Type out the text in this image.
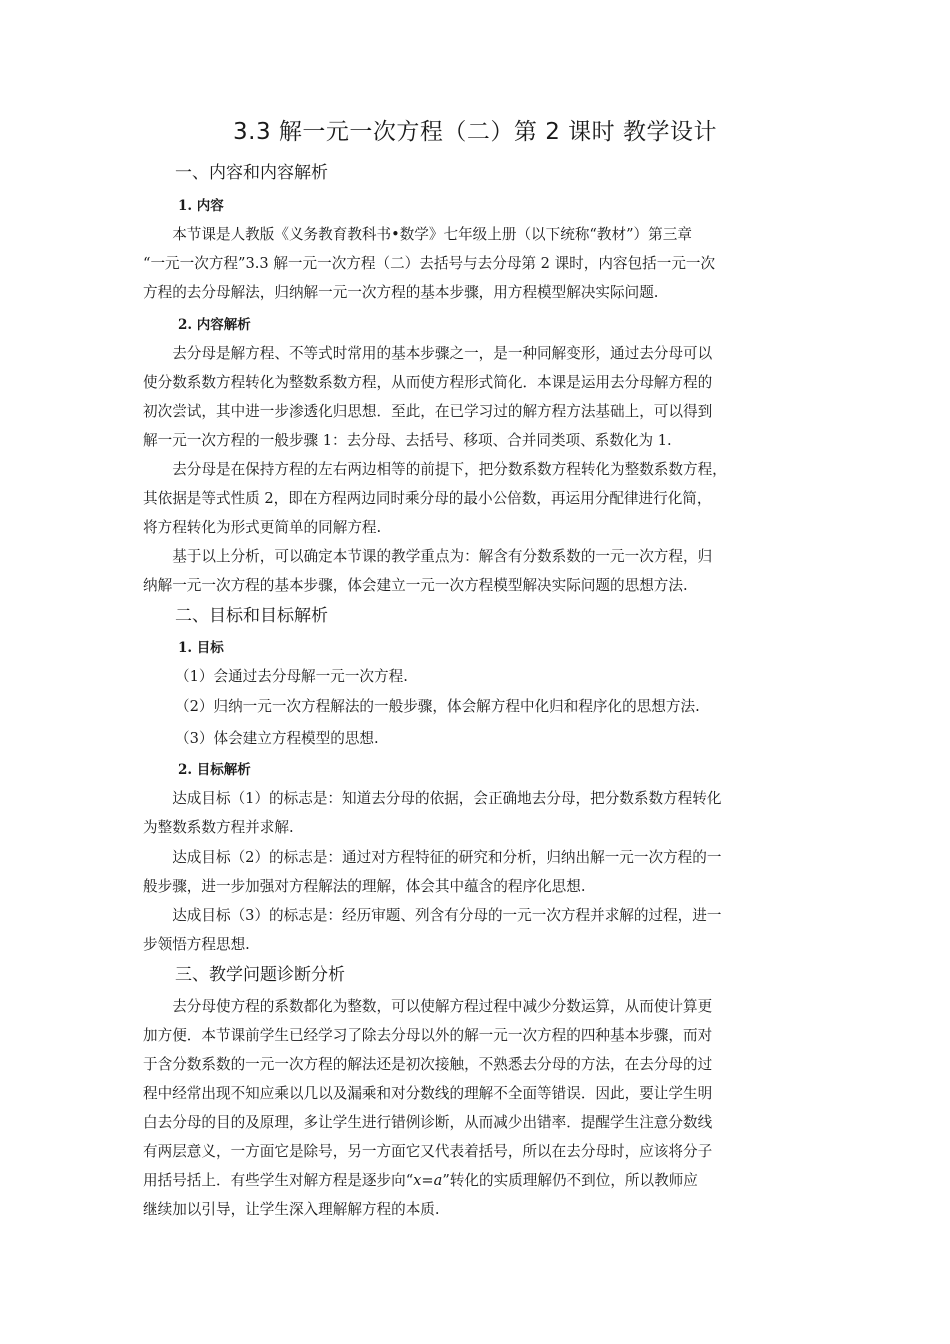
3.3 解一元一次方程（二）第 2 课时 教学设计
一、内容和内容解析
1. 内容
本节课是人教版《义务教育教科书•数学》七年级上册（以下统称“教材”）第三章
“一元一次方程”3.3 解一元一次方程（二）去括号与去分母第 2 课时，内容包括一元一次
方程的去分母解法，归纳解一元一次方程的基本步骤，用方程模型解决实际问题.
2. 内容解析
去分母是解方程、不等式时常用的基本步骤之一，是一种同解变形，通过去分母可以
使分数系数方程转化为整数系数方程，从而使方程形式简化．本课是运用去分母解方程的
初次尝试，其中进一步渗透化归思想．至此，在已学习过的解方程方法基础上，可以得到
解一元一次方程的一般步骤 1：去分母、去括号、移项、合并同类项、系数化为 1.
去分母是在保持方程的左右两边相等的前提下，把分数系数方程转化为整数系数方程，
其依据是等式性质 2，即在方程两边同时乘分母的最小公倍数，再运用分配律进行化简，
将方程转化为形式更简单的同解方程.
基于以上分析，可以确定本节课的教学重点为：解含有分数系数的一元一次方程，归
纳解一元一次方程的基本步骤，体会建立一元一次方程模型解决实际问题的思想方法.
二、目标和目标解析
1. 目标
（1）会通过去分母解一元一次方程.
（2）归纳一元一次方程解法的一般步骤，体会解方程中化归和程序化的思想方法.
（3）体会建立方程模型的思想.
2. 目标解析
达成目标（1）的标志是：知道去分母的依据，会正确地去分母，把分数系数方程转化
为整数系数方程并求解.
达成目标（2）的标志是：通过对方程特征的研究和分析，归纳出解一元一次方程的一
般步骤，进一步加强对方程解法的理解，体会其中蕴含的程序化思想.
达成目标（3）的标志是：经历审题、列含有分母的一元一次方程并求解的过程，进一
步领悟方程思想.
三、教学问题诊断分析
去分母使方程的系数都化为整数，可以使解方程过程中减少分数运算，从而使计算更
加方便．本节课前学生已经学习了除去分母以外的解一元一次方程的四种基本步骤，而对
于含分数系数的一元一次方程的解法还是初次接触，不熟悉去分母的方法，在去分母的过
程中经常出现不知应乘以几以及漏乘和对分数线的理解不全面等错误．因此，要让学生明
白去分母的目的及原理，多让学生进行错例诊断，从而减少出错率．提醒学生注意分数线
有两层意义，一方面它是除号，另一方面它又代表着括号，所以在去分母时，应该将分子
用括号括上．有些学生对解方程是逐步向“x=a”转化的实质理解仍不到位，所以教师应
继续加以引导，让学生深入理解解方程的本质.
